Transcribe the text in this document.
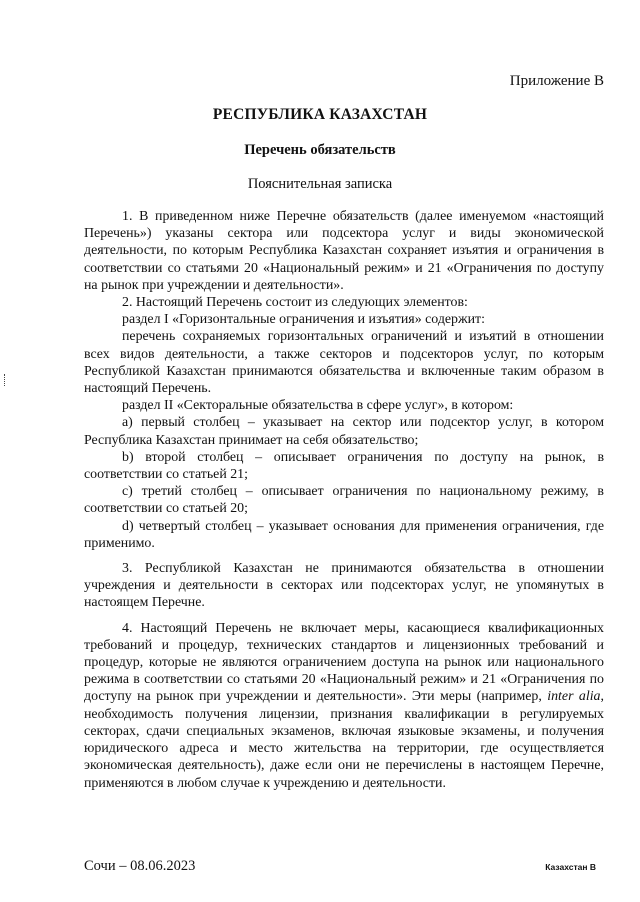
Приложение B
РЕСПУБЛИКА КАЗАХСТАН
Перечень обязательств
Пояснительная записка

1. В приведенном ниже Перечне обязательств (далее именуемом «настоящий Перечень») указаны сектора или подсектора услуг и виды экономической деятельности, по которым Республика Казахстан сохраняет изъятия и ограничения в соответствии со статьями 20 «Национальный режим» и 21 «Ограничения по доступу на рынок при учреждении и деятельности».

2. Настоящий Перечень состоит из следующих элементов:

раздел I «Горизонтальные ограничения и изъятия» содержит:

перечень сохраняемых горизонтальных ограничений и изъятий в отношении всех видов деятельности, а также секторов и подсекторов услуг, по которым Республикой Казахстан принимаются обязательства и включенные таким образом в настоящий Перечень.

раздел II «Секторальные обязательства в сфере услуг», в котором:

a) первый столбец – указывает на сектор или подсектор услуг, в котором Республика Казахстан принимает на себя обязательство;

b) второй столбец – описывает ограничения по доступу на рынок, в соответствии со статьей 21;

c) третий столбец – описывает ограничения по национальному режиму, в соответствии со статьей 20;

d) четвертый столбец – указывает основания для применения ограничения, где применимо.

3. Республикой Казахстан не принимаются обязательства в отношении учреждения и деятельности в секторах или подсекторах услуг, не упомянутых в настоящем Перечне.

4. Настоящий Перечень не включает меры, касающиеся квалификационных требований и процедур, технических стандартов и лицензионных требований и процедур, которые не являются ограничением доступа на рынок или национального режима в соответствии со статьями 20 «Национальный режим» и 21 «Ограничения по доступу на рынок при учреждении и деятельности». Эти меры (например, inter alia, необходимость получения лицензии, признания квалификации в регулируемых секторах, сдачи специальных экзаменов, включая языковые экзамены, и получения юридического адреса и место жительства на территории, где осуществляется экономическая деятельность), даже если они не перечислены в настоящем Перечне, применяются в любом случае к учреждению и деятельности.

Сочи – 08.06.2023	Казахстан B
